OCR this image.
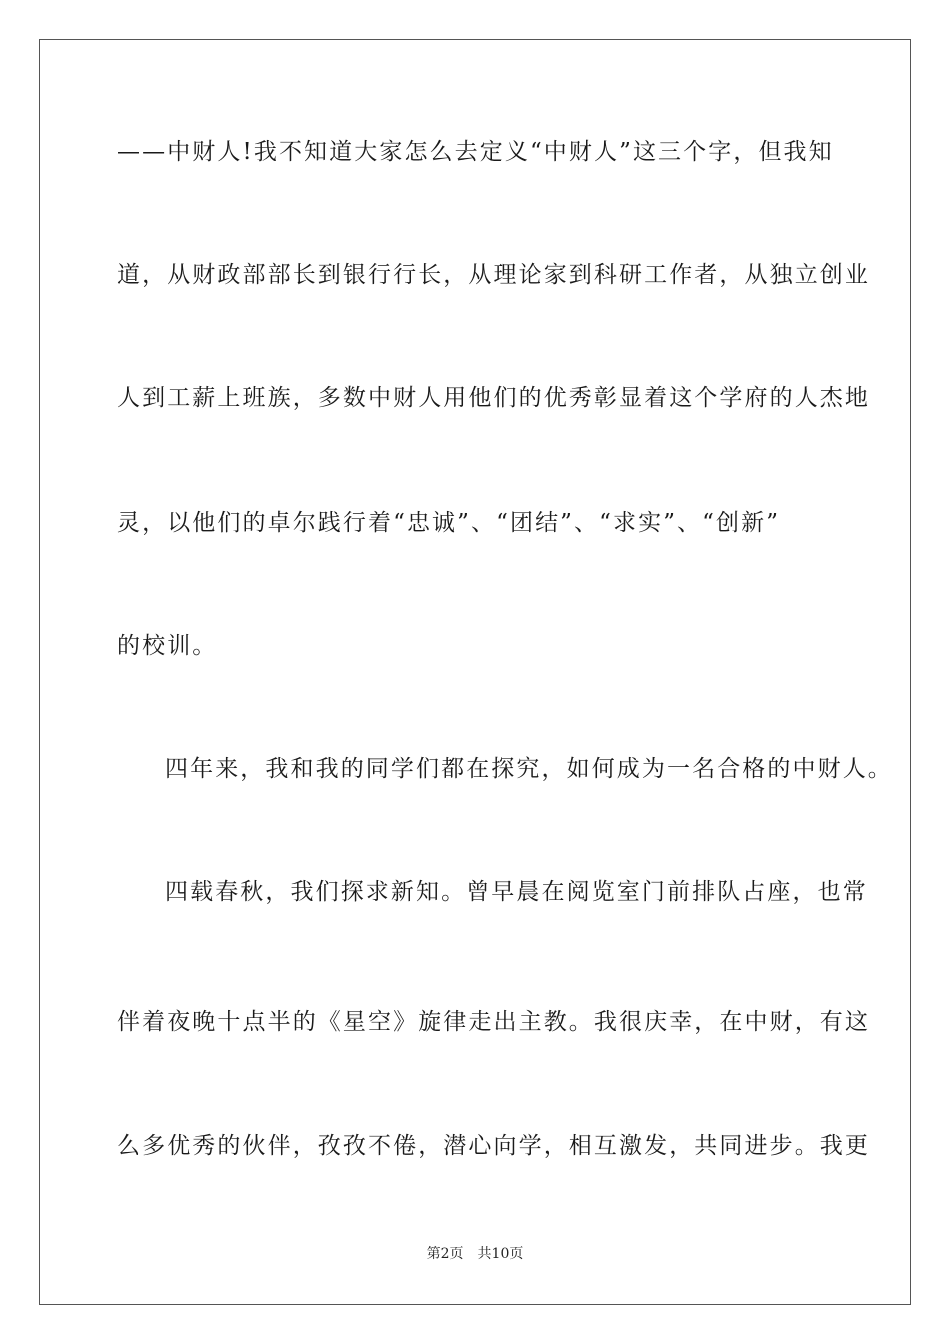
——中财人!我不知道大家怎么去定义“中财人”这三个字，但我知
道，从财政部部长到银行行长，从理论家到科研工作者，从独立创业
人到工薪上班族，多数中财人用他们的优秀彰显着这个学府的人杰地
灵，以他们的卓尔践行着“忠诚”、“团结”、“求实”、“创新”
的校训。
四年来，我和我的同学们都在探究，如何成为一名合格的中财人。
四载春秋，我们探求新知。曾早晨在阅览室门前排队占座，也常
伴着夜晚十点半的《星空》旋律走出主教。我很庆幸，在中财，有这
么多优秀的伙伴，孜孜不倦，潜心向学，相互激发，共同进步。我更
第2页 共10页
